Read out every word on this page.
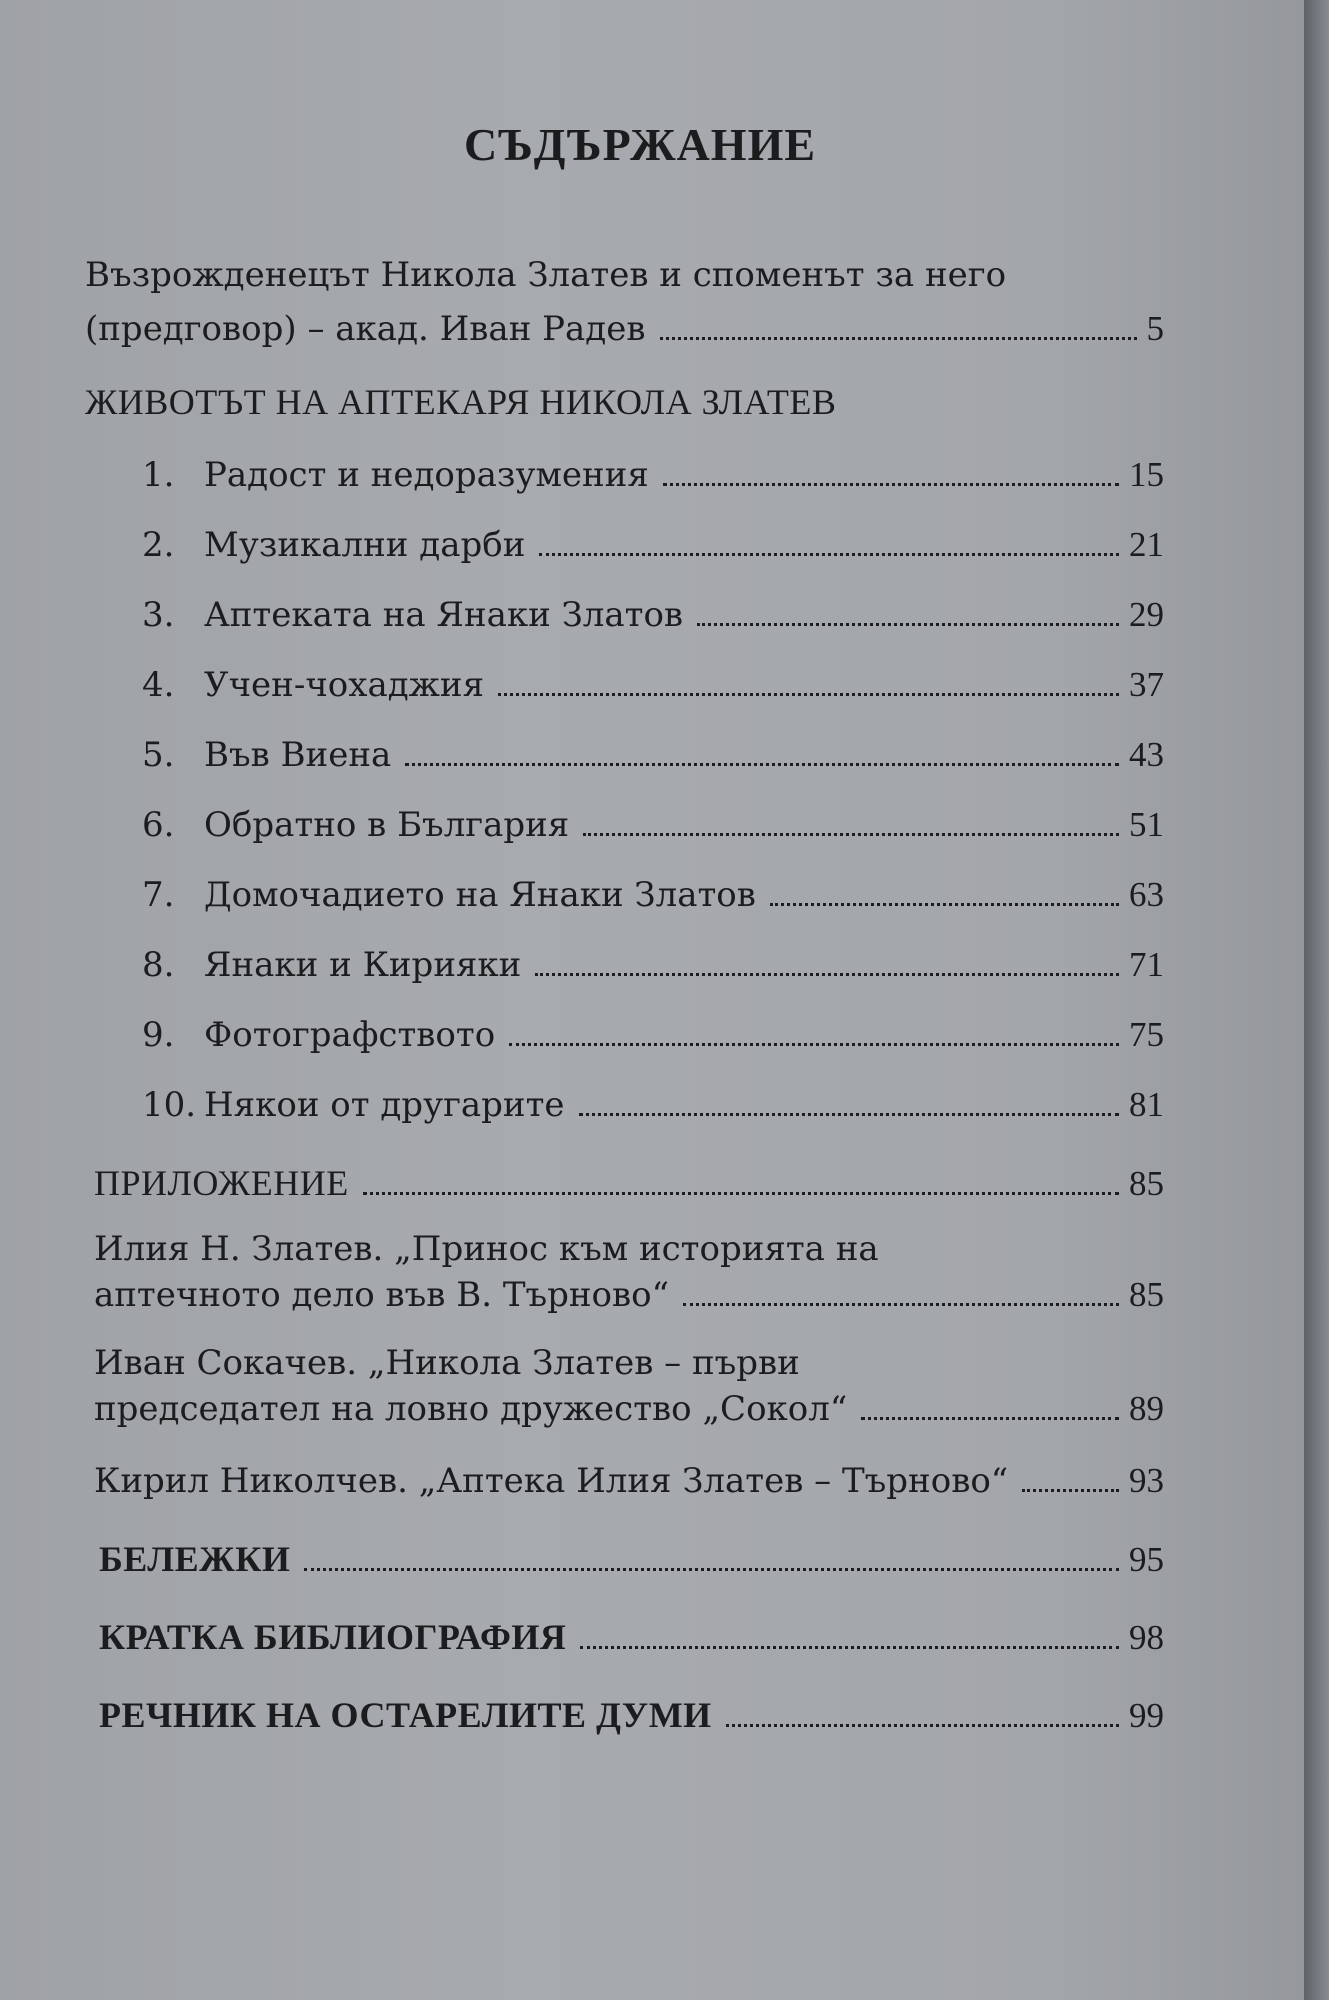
СЪДЪРЖАНИЕ
Възрожденецът Никола Златев и споменът за него
(предговор) – акад. Иван Радев	5
ЖИВОТЪТ НА АПТЕКАРЯ НИКОЛА ЗЛАТЕВ
1. Радост и недоразумения	15
2. Музикални дарби	21
3. Аптеката на Янаки Златов	29
4. Учен-чохаджия	37
5. Във Виена	43
6. Обратно в България	51
7. Домочадието на Янаки Златов	63
8. Янаки и Кирияки	71
9. Фотографството	75
10. Някои от другарите	81
ПРИЛОЖЕНИЕ	85
Илия Н. Златев. „Принос към историята на
аптечното дело във В. Търново“	85
Иван Сокачев. „Никола Златев – първи
председател на ловно дружество „Сокол“	89
Кирил Николчев. „Аптека Илия Златев – Търново“	93
БЕЛЕЖКИ	95
КРАТКА БИБЛИОГРАФИЯ	98
РЕЧНИК НА ОСТАРЕЛИТЕ ДУМИ	99
